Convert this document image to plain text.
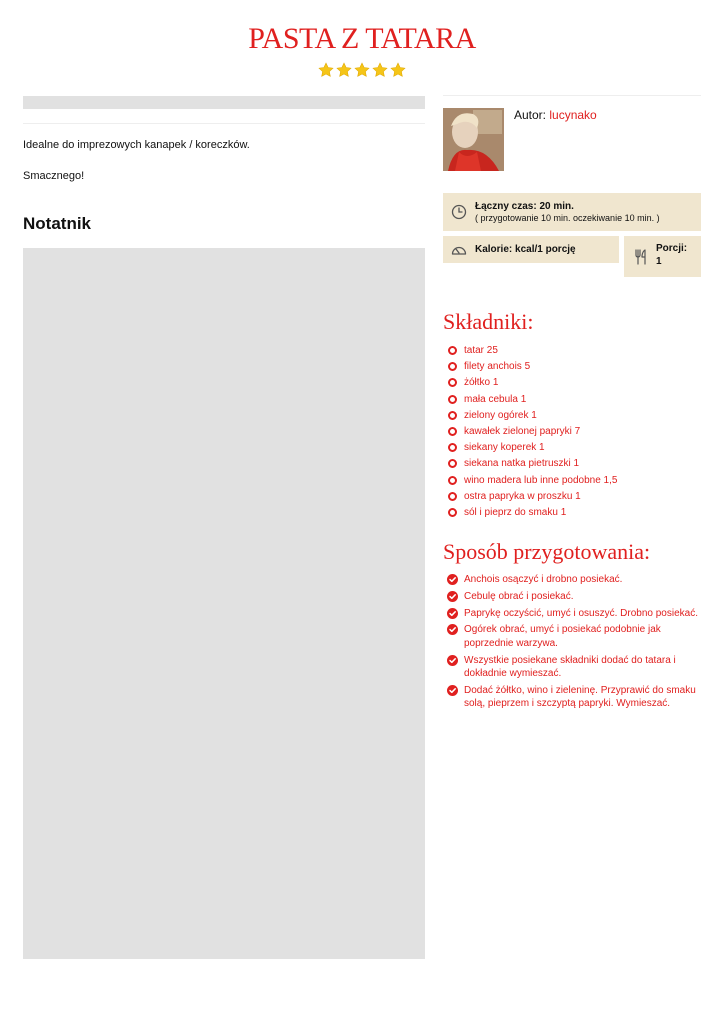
PASTA Z TATARA

Idealne do imprezowych kanapek / koreczków.

Smacznego!

Notatnik
Autor: lucynako
Łączny czas: 20 min.
( przygotowanie 10 min. oczekiwanie 10 min. )
Kalorie: kcal/1 porcję	Porcji:
1
Składniki:
tatar 25
filety anchois 5
żółtko 1
mała cebula 1
zielony ogórek 1
kawałek zielonej papryki 7
siekany koperek 1
siekana natka pietruszki 1
wino madera lub inne podobne 1,5
ostra papryka w proszku 1
sól i pieprz do smaku 1
Sposób przygotowania:
Anchois osączyć i drobno posiekać.
Cebulę obrać i posiekać.
Paprykę oczyścić, umyć i osuszyć. Drobno posiekać.
Ogórek obrać, umyć i posiekać podobnie jak poprzednie warzywa.
Wszystkie posiekane składniki dodać do tatara i dokładnie wymieszać.
Dodać żółtko, wino i zieleninę. Przyprawić do smaku solą, pieprzem i szczyptą papryki. Wymieszać.
